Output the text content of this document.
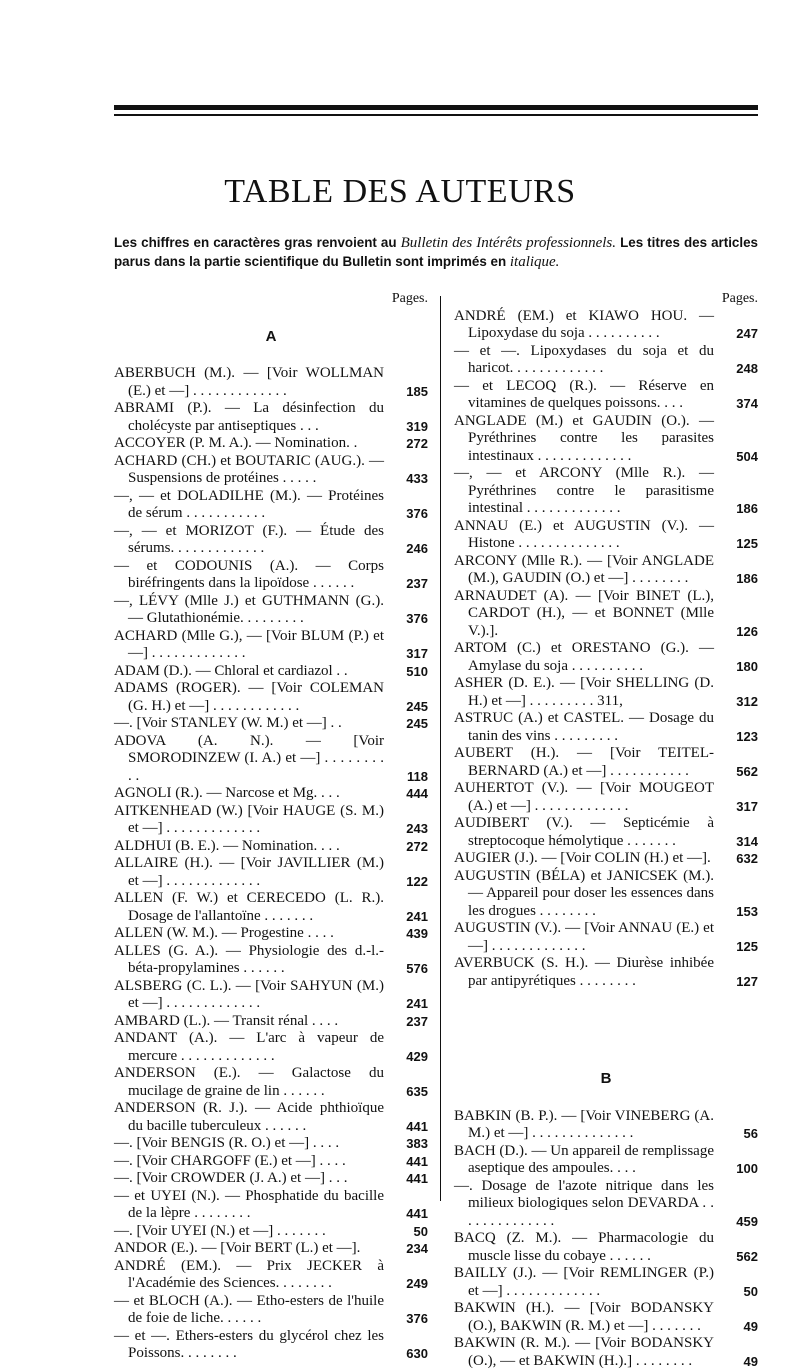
TABLE DES AUTEURS
Les chiffres en caractères gras renvoient au Bulletin des Intérêts professionnels. Les titres des articles parus dans la partie scientifique du Bulletin sont imprimés en italique.

Pages.

A

ABERBUCH (M.). — [Voir WOLLMAN (E.) et —] . . . . . . . . . . . . .	185

ABRAMI (P.). — La désinfection du cholécyste par antiseptiques . . .	319

ACCOYER (P. M. A.). — Nomination. .	272

ACHARD (CH.) et BOUTARIC (AUG.). — Suspensions de protéines . . . . .	433

—, — et DOLADILHE (M.). — Protéines de sérum . . . . . . . . . . .	376

—, — et MORIZOT (F.). — Étude des sérums. . . . . . . . . . . . .	246

— et CODOUNIS (A.). — Corps biréfringents dans la lipoïdose . . . . . .	237

—, LÉVY (Mlle J.) et GUTHMANN (G.). — Glutathionémie. . . . . . . . .	376

ACHARD (Mlle G.), — [Voir BLUM (P.) et —] . . . . . . . . . . . . .	317

ADAM (D.). — Chloral et cardiazol . .	510

ADAMS (ROGER). — [Voir COLEMAN (G. H.) et —] . . . . . . . . . . . .	245

—. [Voir STANLEY (W. M.) et —] . .	245

ADOVA (A. N.). — [Voir SMORODINZEW (I. A.) et —] . . . . . . . . . .	118

AGNOLI (R.). — Narcose et Mg. . . .	444

AITKENHEAD (W.) [Voir HAUGE (S. M.) et —] . . . . . . . . . . . . .	243

ALDHUI (B. E.). — Nomination. . . .	272

ALLAIRE (H.). — [Voir JAVILLIER (M.) et —] . . . . . . . . . . . . .	122

ALLEN (F. W.) et CERECEDO (L. R.). Dosage de l'allantoïne . . . . . . .	241

ALLEN (W. M.). — Progestine . . . .	439

ALLES (G. A.). — Physiologie des d.-l.-béta-propylamines . . . . . .	576

ALSBERG (C. L.). — [Voir SAHYUN (M.) et —] . . . . . . . . . . . . .	241

AMBARD (L.). — Transit rénal . . . .	237

ANDANT (A.). — L'arc à vapeur de mercure . . . . . . . . . . . . .	429

ANDERSON (E.). — Galactose du mucilage de graine de lin . . . . . .	635

ANDERSON (R. J.). — Acide phthioïque du bacille tuberculeux . . . . . .	441

—. [Voir BENGIS (R. O.) et —] . . . .	383

—. [Voir CHARGOFF (E.) et —] . . . .	441

—. [Voir CROWDER (J. A.) et —] . . .	441

— et UYEI (N.). — Phosphatide du bacille de la lèpre . . . . . . . .	441

—. [Voir UYEI (N.) et —] . . . . . . .	50

ANDOR (E.). — [Voir BERT (L.) et —].	234

ANDRÉ (EM.). — Prix JECKER à l'Académie des Sciences. . . . . . . .	249

— et BLOCH (A.). — Etho-esters de l'huile de foie de liche. . . . . .	376

— et —. Ethers-esters du glycérol chez les Poissons. . . . . . . .	630

Pages.

ANDRÉ (EM.) et KIAWO HOU. — Lipoxydase du soja . . . . . . . . . .	247

— et —. Lipoxydases du soja et du haricot. . . . . . . . . . . . .	248

— et LECOQ (R.). — Réserve en vitamines de quelques poissons. . . .	374

ANGLADE (M.) et GAUDIN (O.). — Pyréthrines contre les parasites intestinaux . . . . . . . . . . . . .	504

—, — et ARCONY (Mlle R.). — Pyréthrines contre le parasitisme intestinal . . . . . . . . . . . . .	186

ANNAU (E.) et AUGUSTIN (V.). — Histone . . . . . . . . . . . . . .	125

ARCONY (Mlle R.). — [Voir ANGLADE (M.), GAUDIN (O.) et —] . . . . . . . .	186

ARNAUDET (A). — [Voir BINET (L.), CARDOT (H.), — et BONNET (Mlle V.).].	126

ARTOM (C.) et ORESTANO (G.). — Amylase du soja . . . . . . . . . .	180

ASHER (D. E.). — [Voir SHELLING (D. H.) et —] . . . . . . . . . 311,	312

ASTRUC (A.) et CASTEL. — Dosage du tanin des vins . . . . . . . . .	123

AUBERT (H.). — [Voir TEITEL-BERNARD (A.) et —] . . . . . . . . . . .	562

AUHERTOT (V.). — [Voir MOUGEOT (A.) et —] . . . . . . . . . . . . .	317

AUDIBERT (V.). — Septicémie à streptocoque hémolytique . . . . . . .	314

AUGIER (J.). — [Voir COLIN (H.) et —]. 632

AUGUSTIN (BÉLA) et JANICSEK (M.). — Appareil pour doser les essences dans les drogues . . . . . . . .	153

AUGUSTIN (V.). — [Voir ANNAU (E.) et —] . . . . . . . . . . . . .	125

AVERBUCK (S. H.). — Diurèse inhibée par antipyrétiques . . . . . . . .	127

B

BABKIN (B. P.). — [Voir VINEBERG (A. M.) et —] . . . . . . . . . . . . . .	56

BACH (D.). — Un appareil de remplissage aseptique des ampoules. . . .	100

—. Dosage de l'azote nitrique dans les milieux biologiques selon DEVARDA . . . . . . . . . . . . . .	459

BACQ (Z. M.). — Pharmacologie du muscle lisse du cobaye . . . . . .	562

BAILLY (J.). — [Voir REMLINGER (P.) et —] . . . . . . . . . . . . .	50

BAKWIN (H.). — [Voir BODANSKY (O.), BAKWIN (R. M.) et —] . . . . . . .	49

BAKWIN (R. M.). — [Voir BODANSKY (O.), — et BAKWIN (H.).] . . . . . . . .	49
